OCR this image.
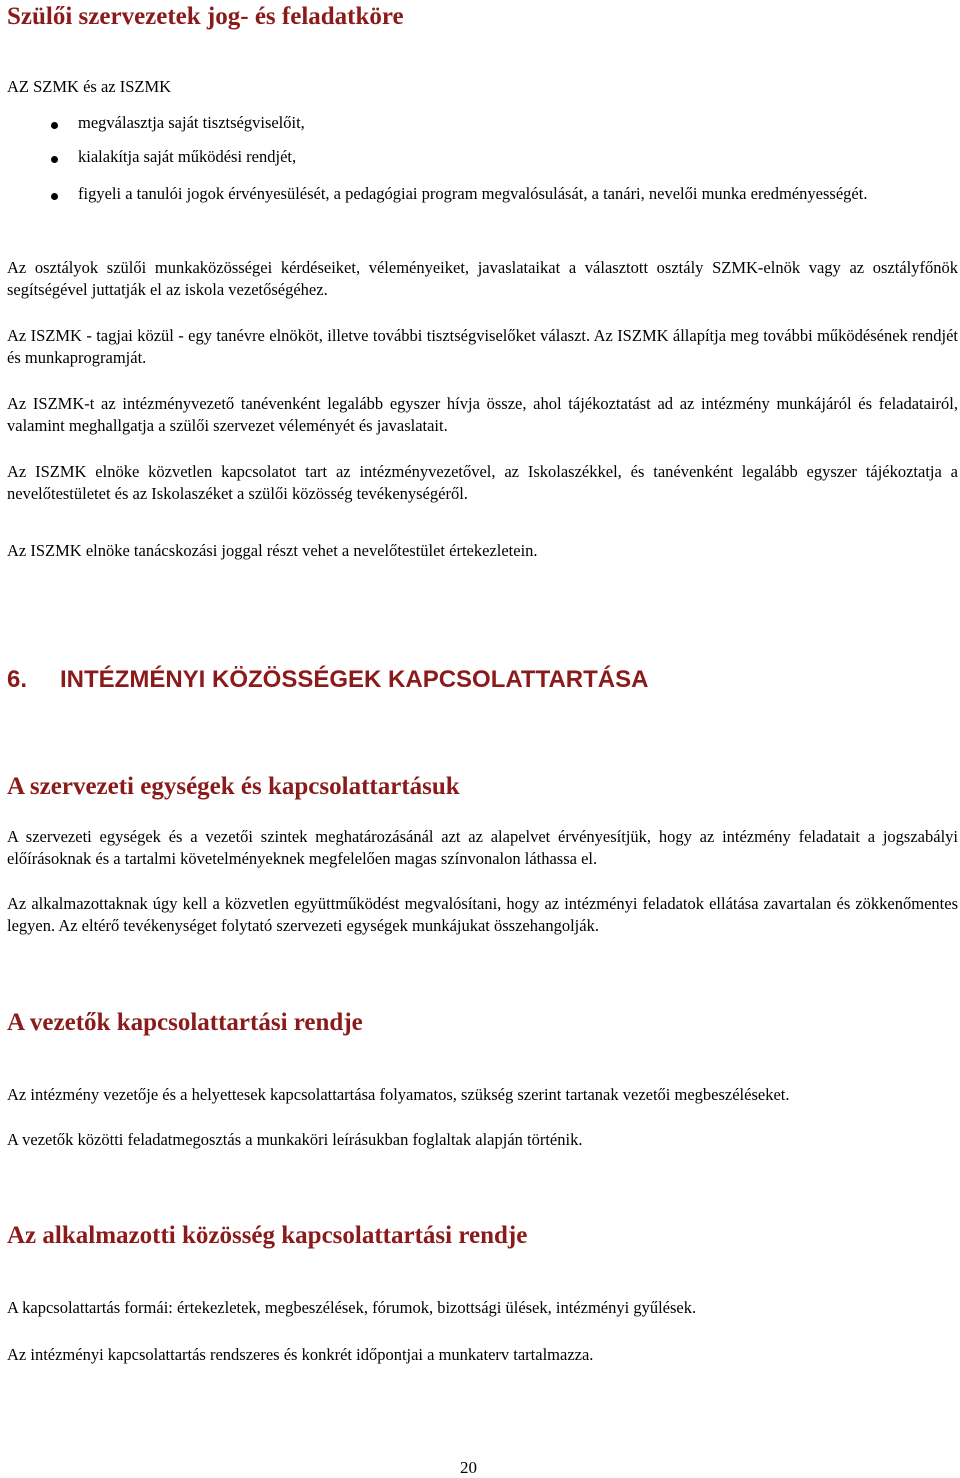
Szülői szervezetek jog- és feladatköre

AZ SZMK és az ISZMK

megválasztja saját tisztségviselőit,

kialakítja saját működési rendjét,

figyeli a tanulói jogok érvényesülését, a pedagógiai program megvalósulását, a tanári, nevelői munka eredményességét.

Az osztályok szülői munkaközösségei kérdéseiket, véleményeiket, javaslataikat a választott osztály SZMK-elnök vagy az osztályfőnök segítségével juttatják el az iskola vezetőségéhez.

Az ISZMK - tagjai közül - egy tanévre elnököt, illetve további tisztségviselőket választ. Az ISZMK állapítja meg további működésének rendjét és munkaprogramját.

Az ISZMK-t az intézményvezető tanévenként legalább egyszer hívja össze, ahol tájékoztatást ad az intézmény munkájáról és feladatairól, valamint meghallgatja a szülői szervezet véleményét és javaslatait.

Az ISZMK elnöke közvetlen kapcsolatot tart az intézményvezetővel, az Iskolaszékkel, és tanévenként legalább egyszer tájékoztatja a nevelőtestületet és az Iskolaszéket a szülői közösség tevékenységéről.

Az ISZMK elnöke tanácskozási joggal részt vehet a nevelőtestület értekezletein.

6. INTÉZMÉNYI KÖZÖSSÉGEK KAPCSOLATTARTÁSA
A szervezeti egységek és kapcsolattartásuk

A szervezeti egységek és a vezetői szintek meghatározásánál azt az alapelvet érvényesítjük, hogy az intézmény feladatait a jogszabályi előírásoknak és a tartalmi követelményeknek megfelelően magas színvonalon láthassa el.

Az alkalmazottaknak úgy kell a közvetlen együttműködést megvalósítani, hogy az intézményi feladatok ellátása zavartalan és zökkenőmentes legyen. Az eltérő tevékenységet folytató szervezeti egységek munkájukat összehangolják.

A vezetők kapcsolattartási rendje

Az intézmény vezetője és a helyettesek kapcsolattartása folyamatos, szükség szerint tartanak vezetői megbeszéléseket.

A vezetők közötti feladatmegosztás a munkaköri leírásukban foglaltak alapján történik.

Az alkalmazotti közösség kapcsolattartási rendje

A kapcsolattartás formái: értekezletek, megbeszélések, fórumok, bizottsági ülések, intézményi gyűlések.

Az intézményi kapcsolattartás rendszeres és konkrét időpontjai a munkaterv tartalmazza.

20
